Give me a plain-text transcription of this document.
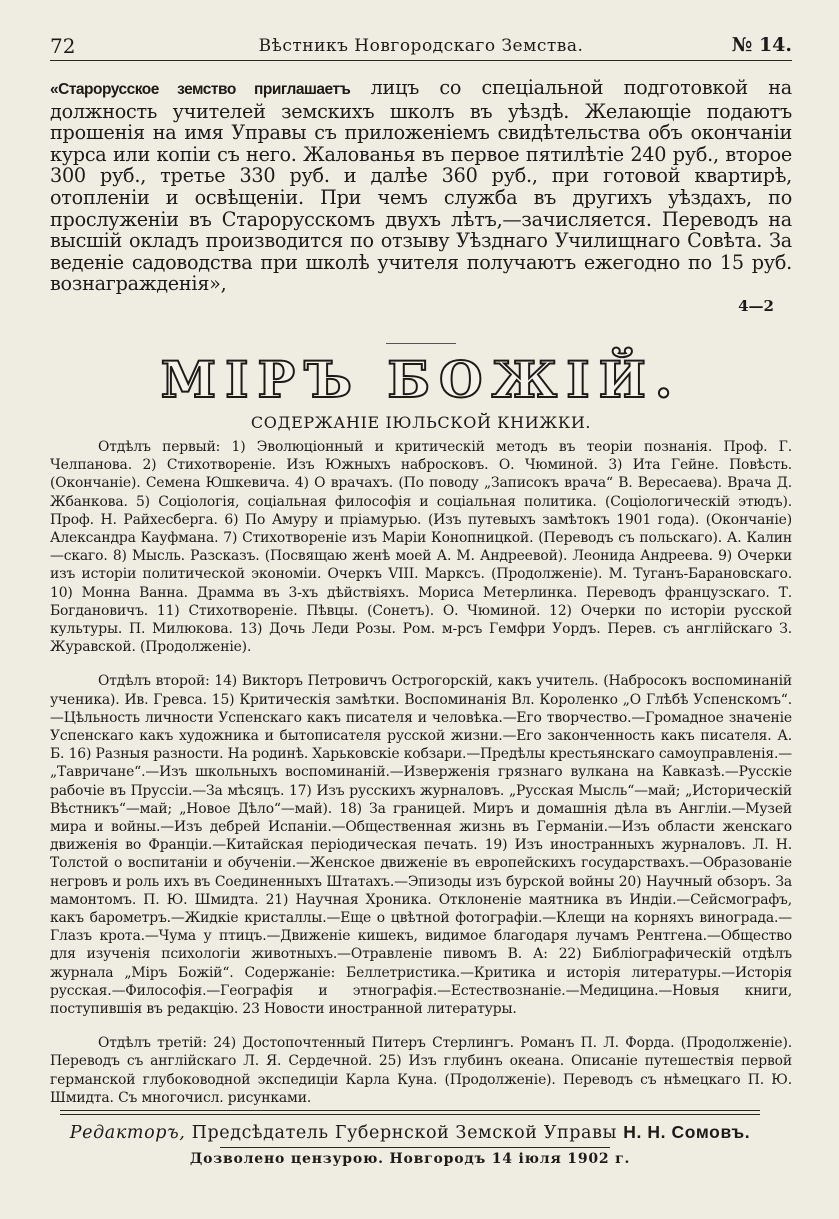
72	Вѣстникъ Новгородскаго Земства.	№ 14.
«Старорусское земство приглашаетъ лицъ со спеціальной подготовкой на должность учителей земскихъ школъ въ уѣздѣ. Желающіе подаютъ прошенія на имя Управы съ приложеніемъ свидѣтельства объ окончаніи курса или копіи съ него. Жалованья въ первое пятилѣтіе 240 руб., второе 300 руб., третье 330 руб. и далѣе 360 руб., при готовой квартирѣ, отопленіи и освѣщеніи. При чемъ служба въ другихъ уѣздахъ, по прослуженіи въ Старорусскомъ двухъ лѣтъ,—зачисляется. Переводъ на высшій окладъ производится по отзыву Уѣзднаго Училищнаго Совѣта. За веденіе садоводства при школѣ учителя получаютъ ежегодно по 15 руб. вознагражденія»,
4—2
МІРЪ БОЖІЙ.
СОДЕРЖАНІЕ ІЮЛЬСКОЙ КНИЖКИ.
Отдѣлъ первый: 1) Эволюціонный и критическій методъ въ теоріи познанія. Проф. Г. Челпанова. 2) Стихотвореніе. Изъ Южныхъ набросковъ. О. Чюминой. 3) Ита Гейне. Повѣсть. (Окончаніе). Семена Юшкевича. 4) О врачахъ. (По поводу „Записокъ врача“ В. Вересаева). Врача Д. Жбанкова. 5) Соціологія, соціальная философія и соціальная политика. (Соціологическій этюдъ). Проф. Н. Райхесберга. 6) По Амуру и пріамурью. (Изъ путевыхъ замѣтокъ 1901 года). (Окончаніе) Александра Кауфмана. 7) Стихотвореніе изъ Маріи Конопницкой. (Переводъ съ польскаго). А. Калин—скаго. 8) Мысль. Разсказъ. (Посвящаю женѣ моей А. М. Андреевой). Леонида Андреева. 9) Очерки изъ исторіи политической экономіи. Очеркъ VIII. Марксъ. (Продолженіе). М. Туганъ-Барановскаго. 10) Монна Ванна. Драмма въ 3-хъ дѣйствіяхъ. Мориса Метерлинка. Переводъ французскаго. Т. Богдановичъ. 11) Стихотвореніе. Пѣвцы. (Сонетъ). О. Чюминой. 12) Очерки по исторіи русской культуры. П. Милюкова. 13) Дочь Леди Розы. Ром. м-рсъ Гемфри Уордъ. Перев. съ англійскаго З. Журавской. (Продолженіе).
Отдѣлъ второй: 14) Викторъ Петровичъ Острогорскій, какъ учитель. (Набросокъ воспоминаній ученика). Ив. Гревса. 15) Критическія замѣтки. Воспоминанія Вл. Короленко „О Глѣбѣ Успенскомъ“.—Цѣльность личности Успенскаго какъ писателя и человѣка.—Его творчество.—Громадное значеніе Успенскаго какъ художника и бытописателя русской жизни.—Его законченность какъ писателя. А. Б. 16) Разныя разности. На родинѣ. Харьковскіе кобзари.—Предѣлы крестьянскаго самоуправленія.—„Тавричане“.—Изъ школьныхъ воспоминаній.—Изверженія грязнаго вулкана на Кавказѣ.—Русскіе рабочіе въ Пруссіи.—За мѣсяцъ. 17) Изъ русскихъ журналовъ. „Русская Мысль“—май; „Историческій Вѣстникъ“—май; „Новое Дѣло“—май). 18) За границей. Миръ и домашнія дѣла въ Англіи.—Музей мира и войны.—Изъ дебрей Испаніи.—Общественная жизнь въ Германіи.—Изъ области женскаго движенія во Франціи.—Китайская періодическая печать. 19) Изъ иностранныхъ журналовъ. Л. Н. Толстой о воспитаніи и обученіи.—Женское движеніе въ европейскихъ государствахъ.—Образованіе негровъ и роль ихъ въ Соединенныхъ Штатахъ.—Эпизоды изъ бурской войны 20) Научный обзоръ. За мамонтомъ. П. Ю. Шмидта. 21) Научная Хроника. Отклоненіе маятника въ Индіи.—Сейсмографъ, какъ барометръ.—Жидкіе кристаллы.—Еще о цвѣтной фотографіи.—Клещи на корняхъ винограда.—Глазъ крота.—Чума у птицъ.—Движеніе кишекъ, видимое благодаря лучамъ Рентгена.—Общество для изученія психологіи животныхъ.—Отравленіе пивомъ В. А: 22) Библіографическій отдѣлъ журнала „Міръ Божій“. Содержаніе: Беллетристика.—Критика и исторія литературы.—Исторія русская.—Философія.—Географія и этнографія.—Естествознаніе.—Медицина.—Новыя книги, поступившія въ редакцію. 23 Новости иностранной литературы.
Отдѣлъ третій: 24) Достопочтенный Питеръ Стерлингъ. Романъ П. Л. Форда. (Продолженіе). Переводъ съ англійскаго Л. Я. Сердечной. 25) Изъ глубинъ океана. Описаніе путешествія первой германской глубоководной экспедиціи Карла Куна. (Продолженіе). Переводъ съ нѣмецкаго П. Ю. Шмидта. Съ многочисл. рисунками.
Редакторъ, Предсѣдатель Губернской Земской Управы Н. Н. Сомовъ.
Дозволено цензурою. Новгородъ 14 іюля 1902 г.
